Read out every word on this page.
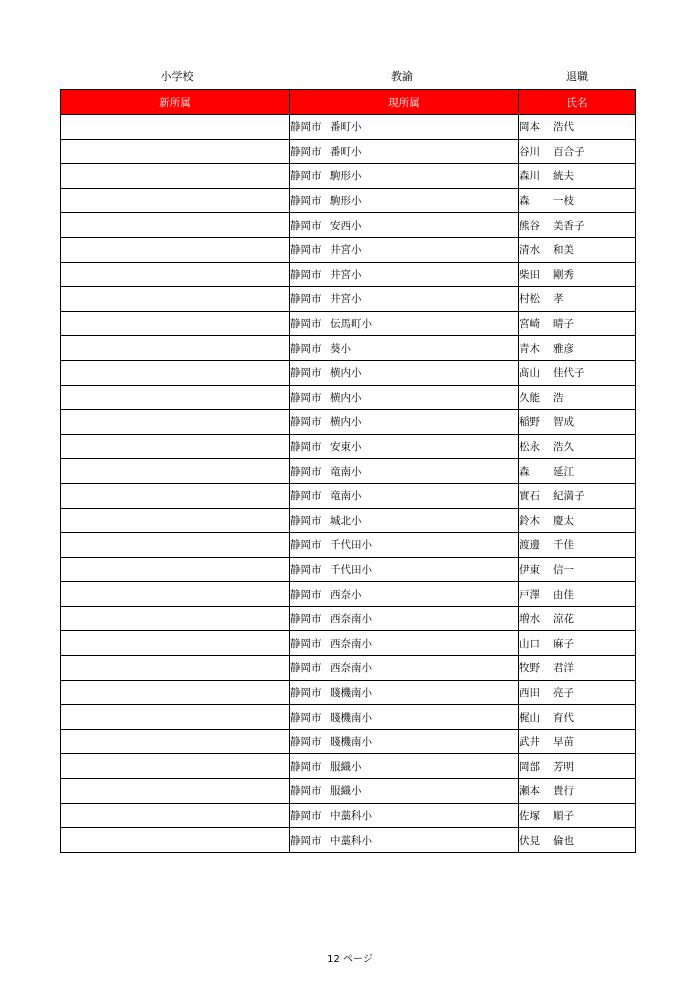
小学校	教諭	退職
新所属	現所属	氏名
	静岡市 番町小	岡本 浩代
	静岡市 番町小	谷川 百合子
	静岡市 駒形小	森川 統夫
	静岡市 駒形小	森 一枝
	静岡市 安西小	熊谷 美香子
	静岡市 井宮小	清水 和美
	静岡市 井宮小	柴田 剛秀
	静岡市 井宮小	村松 孝
	静岡市 伝馬町小	宮崎 晴子
	静岡市 葵小	青木 雅彦
	静岡市 横内小	髙山 佳代子
	静岡市 横内小	久能 浩
	静岡市 横内小	稲野 智成
	静岡市 安東小	松永 浩久
	静岡市 竜南小	森 延江
	静岡市 竜南小	實石 紀満子
	静岡市 城北小	鈴木 慶太
	静岡市 千代田小	渡邊 千佳
	静岡市 千代田小	伊東 信一
	静岡市 西奈小	戸澤 由佳
	静岡市 西奈南小	増水 涼花
	静岡市 西奈南小	山口 麻子
	静岡市 西奈南小	牧野 君洋
	静岡市 賤機南小	西田 亮子
	静岡市 賤機南小	梶山 育代
	静岡市 賤機南小	武井 早苗
	静岡市 服織小	岡部 芳明
	静岡市 服織小	瀬本 貴行
	静岡市 中藁科小	佐塚 順子
	静岡市 中藁科小	伏見 倫也
12 ページ
